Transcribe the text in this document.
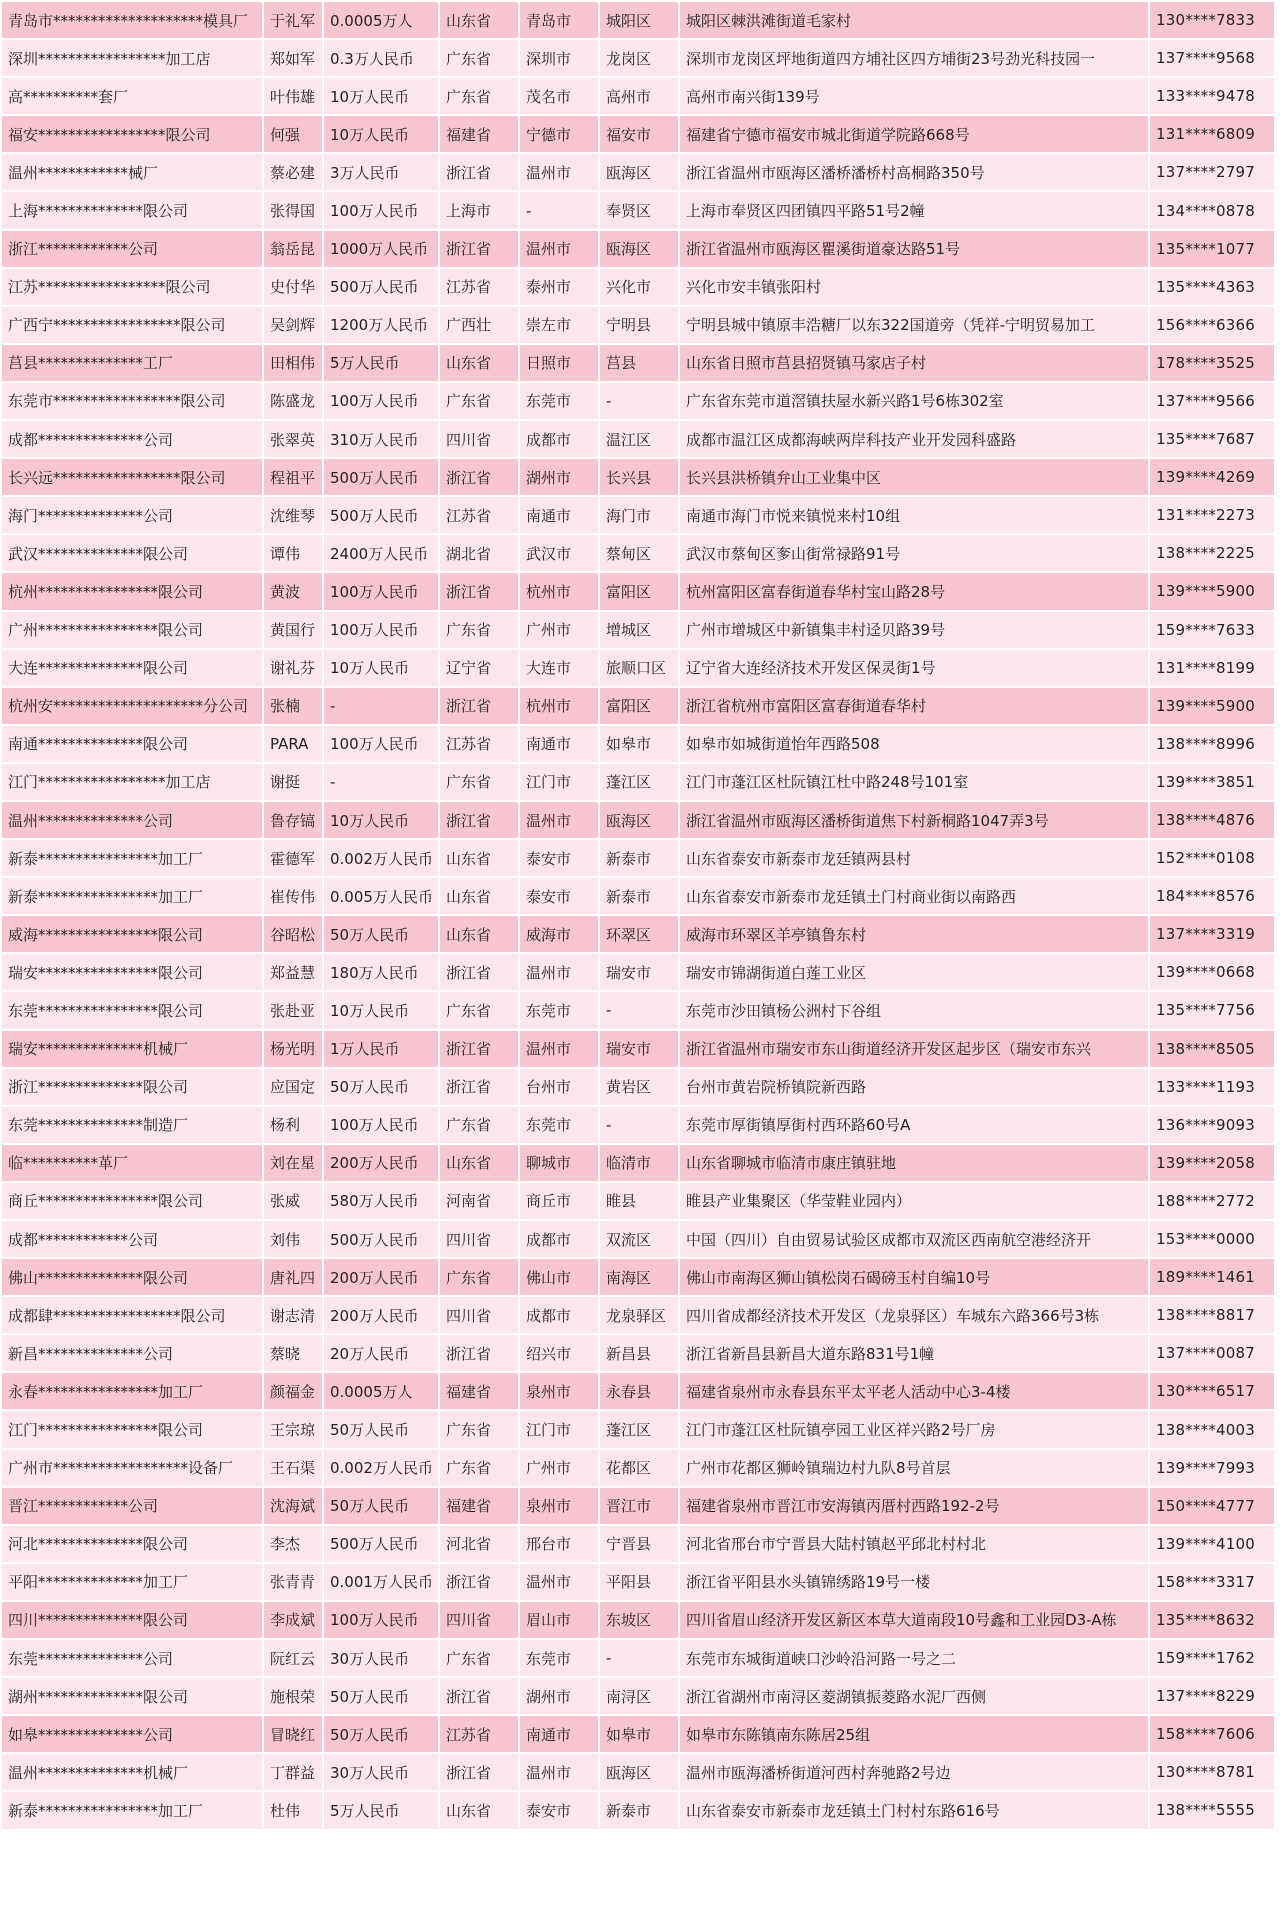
青岛市********************模具厂	于礼军	0.0005万人	山东省	青岛市	城阳区	城阳区棘洪滩街道毛家村	130****7833
深圳*****************加工店	郑如军	0.3万人民币	广东省	深圳市	龙岗区	深圳市龙岗区坪地街道四方埔社区四方埔街23号劲光科技园一	137****9568
高**********套厂	叶伟雄	10万人民币	广东省	茂名市	高州市	高州市南兴街139号	133****9478
福安*****************限公司	何强	10万人民币	福建省	宁德市	福安市	福建省宁德市福安市城北街道学院路668号	131****6809
温州************械厂	蔡必建	3万人民币	浙江省	温州市	瓯海区	浙江省温州市瓯海区潘桥潘桥村高桐路350号	137****2797
上海**************限公司	张得国	100万人民币	上海市	-	奉贤区	上海市奉贤区四团镇四平路51号2幢	134****0878
浙江************公司	翁岳昆	1000万人民币	浙江省	温州市	瓯海区	浙江省温州市瓯海区瞿溪街道豪达路51号	135****1077
江苏*****************限公司	史付华	500万人民币	江苏省	泰州市	兴化市	兴化市安丰镇张阳村	135****4363
广西宁*****************限公司	吴剑辉	1200万人民币	广西壮	崇左市	宁明县	宁明县城中镇原丰浩糖厂以东322国道旁（凭祥-宁明贸易加工	156****6366
莒县**************工厂	田相伟	5万人民币	山东省	日照市	莒县	山东省日照市莒县招贤镇马家店子村	178****3525
东莞市*****************限公司	陈盛龙	100万人民币	广东省	东莞市	-	广东省东莞市道滘镇扶屋水新兴路1号6栋302室	137****9566
成都**************公司	张翠英	310万人民币	四川省	成都市	温江区	成都市温江区成都海峡两岸科技产业开发园科盛路	135****7687
长兴远*****************限公司	程祖平	500万人民币	浙江省	湖州市	长兴县	长兴县洪桥镇弁山工业集中区	139****4269
海门**************公司	沈维琴	500万人民币	江苏省	南通市	海门市	南通市海门市悦来镇悦来村10组	131****2273
武汉**************限公司	谭伟	2400万人民币	湖北省	武汉市	蔡甸区	武汉市蔡甸区奓山街常禄路91号	138****2225
杭州****************限公司	黄波	100万人民币	浙江省	杭州市	富阳区	杭州富阳区富春街道春华村宝山路28号	139****5900
广州****************限公司	黄国行	100万人民币	广东省	广州市	增城区	广州市增城区中新镇集丰村迳贝路39号	159****7633
大连**************限公司	谢礼芬	10万人民币	辽宁省	大连市	旅顺口区	辽宁省大连经济技术开发区保灵街1号	131****8199
杭州安********************分公司	张楠	-	浙江省	杭州市	富阳区	浙江省杭州市富阳区富春街道春华村	139****5900
南通**************限公司	PARA	100万人民币	江苏省	南通市	如皋市	如皋市如城街道怡年西路508	138****8996
江门*****************加工店	谢挺	-	广东省	江门市	蓬江区	江门市蓬江区杜阮镇江杜中路248号101室	139****3851
温州**************公司	鲁存镐	10万人民币	浙江省	温州市	瓯海区	浙江省温州市瓯海区潘桥街道焦下村新桐路1047弄3号	138****4876
新泰****************加工厂	霍德军	0.002万人民币	山东省	泰安市	新泰市	山东省泰安市新泰市龙廷镇两县村	152****0108
新泰****************加工厂	崔传伟	0.005万人民币	山东省	泰安市	新泰市	山东省泰安市新泰市龙廷镇土门村商业街以南路西	184****8576
威海****************限公司	谷昭松	50万人民币	山东省	威海市	环翠区	威海市环翠区羊亭镇鲁东村	137****3319
瑞安****************限公司	郑益慧	180万人民币	浙江省	温州市	瑞安市	瑞安市锦湖街道白莲工业区	139****0668
东莞****************限公司	张赴亚	10万人民币	广东省	东莞市	-	东莞市沙田镇杨公洲村下谷组	135****7756
瑞安**************机械厂	杨光明	1万人民币	浙江省	温州市	瑞安市	浙江省温州市瑞安市东山街道经济开发区起步区（瑞安市东兴	138****8505
浙江**************限公司	应国定	50万人民币	浙江省	台州市	黄岩区	台州市黄岩院桥镇院新西路	133****1193
东莞**************制造厂	杨利	100万人民币	广东省	东莞市	-	东莞市厚街镇厚街村西环路60号A	136****9093
临**********革厂	刘在星	200万人民币	山东省	聊城市	临清市	山东省聊城市临清市康庄镇驻地	139****2058
商丘****************限公司	张威	580万人民币	河南省	商丘市	睢县	睢县产业集聚区（华莹鞋业园内）	188****2772
成都************公司	刘伟	500万人民币	四川省	成都市	双流区	中国（四川）自由贸易试验区成都市双流区西南航空港经济开	153****0000
佛山**************限公司	唐礼四	200万人民币	广东省	佛山市	南海区	佛山市南海区狮山镇松岗石碣磅玉村自编10号	189****1461
成都肆*****************限公司	谢志清	200万人民币	四川省	成都市	龙泉驿区	四川省成都经济技术开发区（龙泉驿区）车城东六路366号3栋	138****8817
新昌**************公司	蔡晓	20万人民币	浙江省	绍兴市	新昌县	浙江省新昌县新昌大道东路831号1幢	137****0087
永春****************加工厂	颜福金	0.0005万人	福建省	泉州市	永春县	福建省泉州市永春县东平太平老人活动中心3-4楼	130****6517
江门****************限公司	王宗琼	50万人民币	广东省	江门市	蓬江区	江门市蓬江区杜阮镇亭园工业区祥兴路2号厂房	138****4003
广州市******************设备厂	王石渠	0.002万人民币	广东省	广州市	花都区	广州市花都区狮岭镇瑞边村九队8号首层	139****7993
晋江************公司	沈海斌	50万人民币	福建省	泉州市	晋江市	福建省泉州市晋江市安海镇丙厝村西路192-2号	150****4777
河北**************限公司	李杰	500万人民币	河北省	邢台市	宁晋县	河北省邢台市宁晋县大陆村镇赵平邱北村村北	139****4100
平阳**************加工厂	张青青	0.001万人民币	浙江省	温州市	平阳县	浙江省平阳县水头镇锦绣路19号一楼	158****3317
四川**************限公司	李成斌	100万人民币	四川省	眉山市	东坡区	四川省眉山经济开发区新区本草大道南段10号鑫和工业园D3-A栋	135****8632
东莞**************公司	阮红云	30万人民币	广东省	东莞市	-	东莞市东城街道峡口沙岭沿河路一号之二	159****1762
湖州**************限公司	施根荣	50万人民币	浙江省	湖州市	南浔区	浙江省湖州市南浔区菱湖镇振菱路水泥厂西侧	137****8229
如皋**************公司	冒晓红	50万人民币	江苏省	南通市	如皋市	如皋市东陈镇南东陈居25组	158****7606
温州**************机械厂	丁群益	30万人民币	浙江省	温州市	瓯海区	温州市瓯海潘桥街道河西村奔驰路2号边	130****8781
新泰****************加工厂	杜伟	5万人民币	山东省	泰安市	新泰市	山东省泰安市新泰市龙廷镇土门村村东路616号	138****5555
